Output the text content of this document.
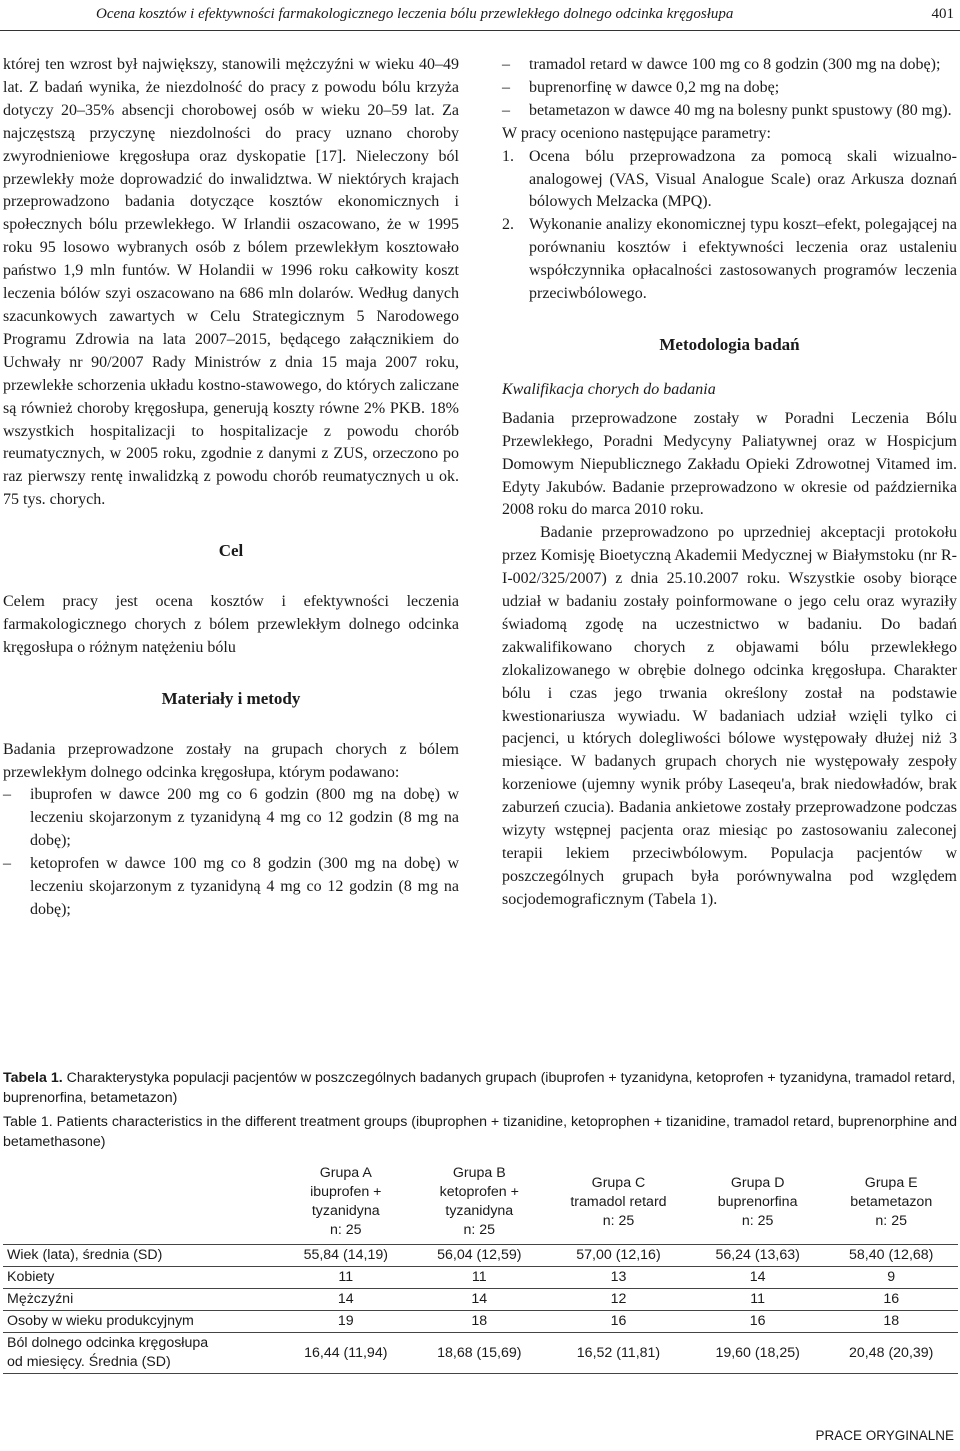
Ocena kosztów i efektywności farmakologicznego leczenia bólu przewlekłego dolnego odcinka kręgosłupa	401

której ten wzrost był największy, stanowili mężczyźni w wieku 40–49 lat. Z badań wynika, że niezdolność do pracy z powodu bólu krzyża dotyczy 20–35% absencji chorobowej osób w wieku 20–59 lat. Za najczęstszą przyczynę niezdolności do pracy uznano choroby zwyrodnieniowe kręgosłupa oraz dyskopatie [17]. Nieleczony ból przewlekły może doprowadzić do inwalidztwa. W niektórych krajach przeprowadzono badania dotyczące kosztów ekonomicznych i społecznych bólu przewlekłego. W Irlandii oszacowano, że w 1995 roku 95 losowo wybranych osób z bólem przewlekłym kosztowało państwo 1,9 mln funtów. W Holandii w 1996 roku całkowity koszt leczenia bólów szyi oszacowano na 686 mln dolarów. Według danych szacunkowych zawartych w Celu Strategicznym 5 Narodowego Programu Zdrowia na lata 2007–2015, będącego załącznikiem do Uchwały nr 90/2007 Rady Ministrów z dnia 15 maja 2007 roku, przewlekłe schorzenia układu kostno-stawowego, do których zaliczane są również choroby kręgosłupa, generują koszty równe 2% PKB. 18% wszystkich hospitalizacji to hospitalizacje z powodu chorób reumatycznych, w 2005 roku, zgodnie z danymi z ZUS, orzeczono po raz pierwszy rentę inwalidzką z powodu chorób reumatycznych u ok. 75 tys. chorych.

Cel

Celem pracy jest ocena kosztów i efektywności leczenia farmakologicznego chorych z bólem przewlekłym dolnego odcinka kręgosłupa o różnym natężeniu bólu

Materiały i metody

Badania przeprowadzone zostały na grupach chorych z bólem przewlekłym dolnego odcinka kręgosłupa, którym podawano:

– ibuprofen w dawce 200 mg co 6 godzin (800 mg na dobę) w leczeniu skojarzonym z tyzanidyną 4 mg co 12 godzin (8 mg na dobę);
– ketoprofen w dawce 100 mg co 8 godzin (300 mg na dobę) w leczeniu skojarzonym z tyzanidyną 4 mg co 12 godzin (8 mg na dobę);
– tramadol retard w dawce 100 mg co 8 godzin (300 mg na dobę);
– buprenorfinę w dawce 0,2 mg na dobę;
– betametazon w dawce 40 mg na bolesny punkt spustowy (80 mg).

W pracy oceniono następujące parametry:

1. Ocena bólu przeprowadzona za pomocą skali wizualno-analogowej (VAS, Visual Analogue Scale) oraz Arkusza doznań bólowych Melzacka (MPQ).
2. Wykonanie analizy ekonomicznej typu koszt–efekt, polegającej na porównaniu kosztów i efektywności leczenia oraz ustaleniu współczynnika opłacalności zastosowanych programów leczenia przeciwbólowego.
Metodologia badań

Kwalifikacja chorych do badania

Badania przeprowadzone zostały w Poradni Leczenia Bólu Przewlekłego, Poradni Medycyny Paliatywnej oraz w Hospicjum Domowym Niepublicznego Zakładu Opieki Zdrowotnej Vitamed im. Edyty Jakubów. Badanie przeprowadzono w okresie od października 2008 roku do marca 2010 roku.

Badanie przeprowadzono po uprzedniej akceptacji protokołu przez Komisję Bioetyczną Akademii Medycznej w Białymstoku (nr R-I-002/325/2007) z dnia 25.10.2007 roku. Wszystkie osoby biorące udział w badaniu zostały poinformowane o jego celu oraz wyraziły świadomą zgodę na uczestnictwo w badaniu. Do badań zakwalifikowano chorych z objawami bólu przewlekłego zlokalizowanego w obrębie dolnego odcinka kręgosłupa. Charakter bólu i czas jego trwania określony został na podstawie kwestionariusza wywiadu. W badaniach udział wzięli tylko ci pacjenci, u których dolegliwości bólowe występowały dłużej niż 3 miesiące. W badanych grupach chorych nie występowały zespoły korzeniowe (ujemny wynik próby Laseqeu'a, brak niedowładów, brak zaburzeń czucia). Badania ankietowe zostały przeprowadzone podczas wizyty wstępnej pacjenta oraz miesiąc po zastosowaniu zaleconej terapii lekiem przeciwbólowym. Populacja pacjentów w poszczególnych grupach była porównywalna pod względem socjodemograficznym (Tabela 1).

Tabela 1. Charakterystyka populacji pacjentów w poszczególnych badanych grupach (ibuprofen + tyzanidyna, ketoprofen + tyzanidyna, tramadol retard, buprenorfina, betametazon)

Table 1. Patients characteristics in the different treatment groups (ibuprophen + tizanidine, ketoprophen + tizanidine, tramadol retard, buprenorphine and betamethasone)

	Grupa A
ibuprofen +
tyzanidyna
n: 25	Grupa B
ketoprofen +
tyzanidyna
n: 25	Grupa C
tramadol retard
n: 25	Grupa D
buprenorfina
n: 25	Grupa E
betametazon
n: 25
Wiek (lata), średnia (SD)	55,84 (14,19)	56,04 (12,59)	57,00 (12,16)	56,24 (13,63)	58,40 (12,68)
Kobiety	11	11	13	14	9
Mężczyźni	14	14	12	11	16
Osoby w wieku produkcyjnym	19	18	16	16	18
Ból dolnego odcinka kręgosłupa
od miesięcy. Średnia (SD)	16,44 (11,94)	18,68 (15,69)	16,52 (11,81)	19,60 (18,25)	20,48 (20,39)
PRACE ORYGINALNE
